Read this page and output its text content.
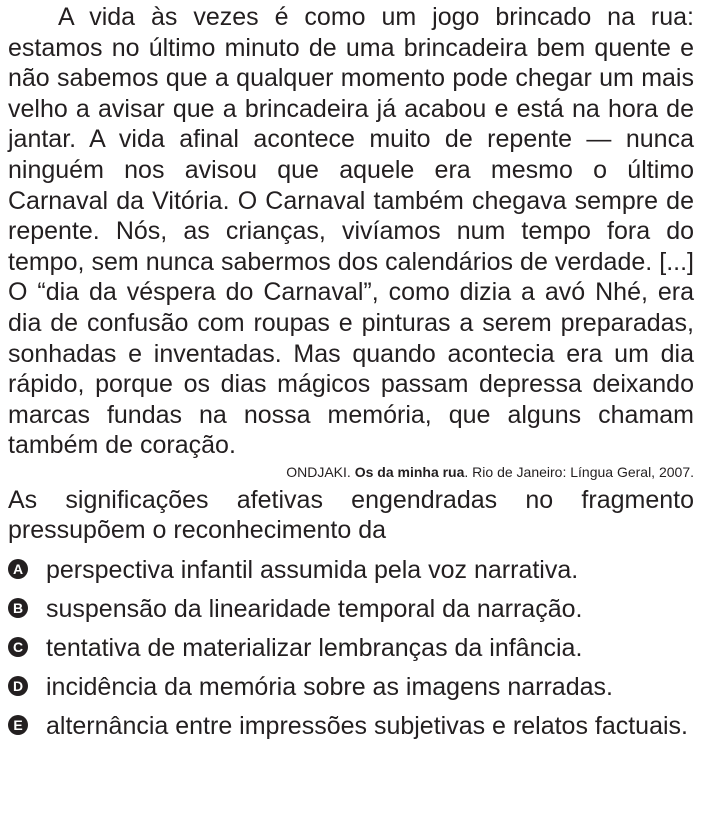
A vida às vezes é como um jogo brincado na rua: estamos no último minuto de uma brincadeira bem quente e não sabemos que a qualquer momento pode chegar um mais velho a avisar que a brincadeira já acabou e está na hora de jantar. A vida afinal acontece muito de repente — nunca ninguém nos avisou que aquele era mesmo o último Carnaval da Vitória. O Carnaval também chegava sempre de repente. Nós, as crianças, vivíamos num tempo fora do tempo, sem nunca sabermos dos calendários de verdade. [...] O “dia da véspera do Carnaval”, como dizia a avó Nhé, era dia de confusão com roupas e pinturas a serem preparadas, sonhadas e inventadas. Mas quando acontecia era um dia rápido, porque os dias mágicos passam depressa deixando marcas fundas na nossa memória, que alguns chamam também de coração.

ONDJAKI. Os da minha rua. Rio de Janeiro: Língua Geral, 2007.

As significações afetivas engendradas no fragmento pressupõem o reconhecimento da

A perspectiva infantil assumida pela voz narrativa.
B suspensão da linearidade temporal da narração.
C tentativa de materializar lembranças da infância.
D incidência da memória sobre as imagens narradas.
E alternância entre impressões subjetivas e relatos factuais.
